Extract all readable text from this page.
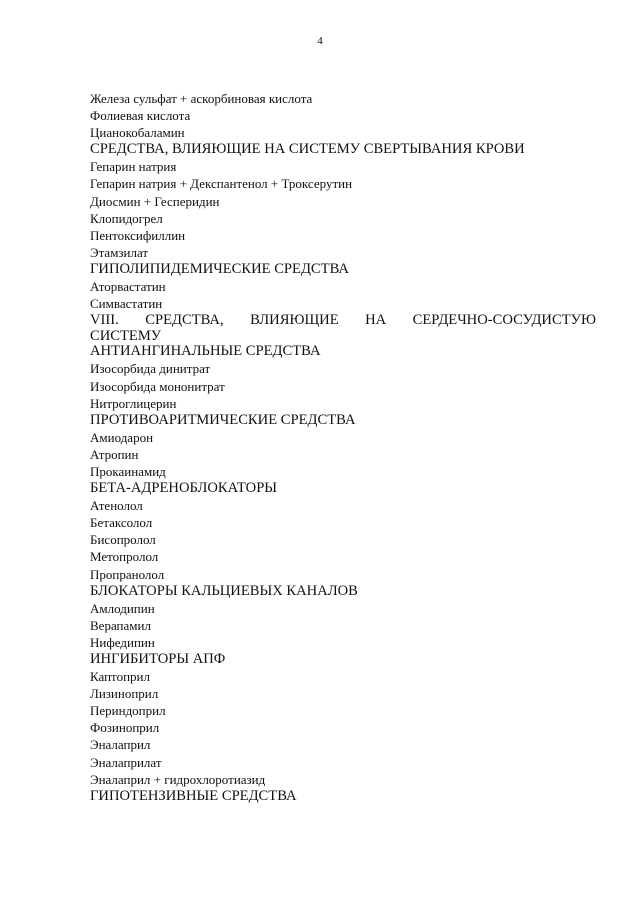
4
Железа сульфат + аскорбиновая кислота
Фолиевая кислота
Цианокобаламин
СРЕДСТВА, ВЛИЯЮЩИЕ НА СИСТЕМУ СВЕРТЫВАНИЯ КРОВИ
Гепарин натрия
Гепарин натрия + Декспантенол + Троксерутин
Диосмин + Гесперидин
Клопидогрел
Пентоксифиллин
Этамзилат
ГИПОЛИПИДЕМИЧЕСКИЕ СРЕДСТВА
Аторвастатин
Симвастатин
VIII. СРЕДСТВА, ВЛИЯЮЩИЕ НА СЕРДЕЧНО-СОСУДИСТУЮ
СИСТЕМУ
АНТИАНГИНАЛЬНЫЕ СРЕДСТВА
Изосорбида динитрат
Изосорбида мононитрат
Нитроглицерин
ПРОТИВОАРИТМИЧЕСКИЕ СРЕДСТВА
Амиодарон
Атропин
Прокаинамид
БЕТА-АДРЕНОБЛОКАТОРЫ
Атенолол
Бетаксолол
Бисопролол
Метопролол
Пропранолол
БЛОКАТОРЫ КАЛЬЦИЕВЫХ КАНАЛОВ
Амлодипин
Верапамил
Нифедипин
ИНГИБИТОРЫ АПФ
Каптоприл
Лизиноприл
Периндоприл
Фозиноприл
Эналаприл
Эналаприлат
Эналаприл + гидрохлоротиазид
ГИПОТЕНЗИВНЫЕ СРЕДСТВА
